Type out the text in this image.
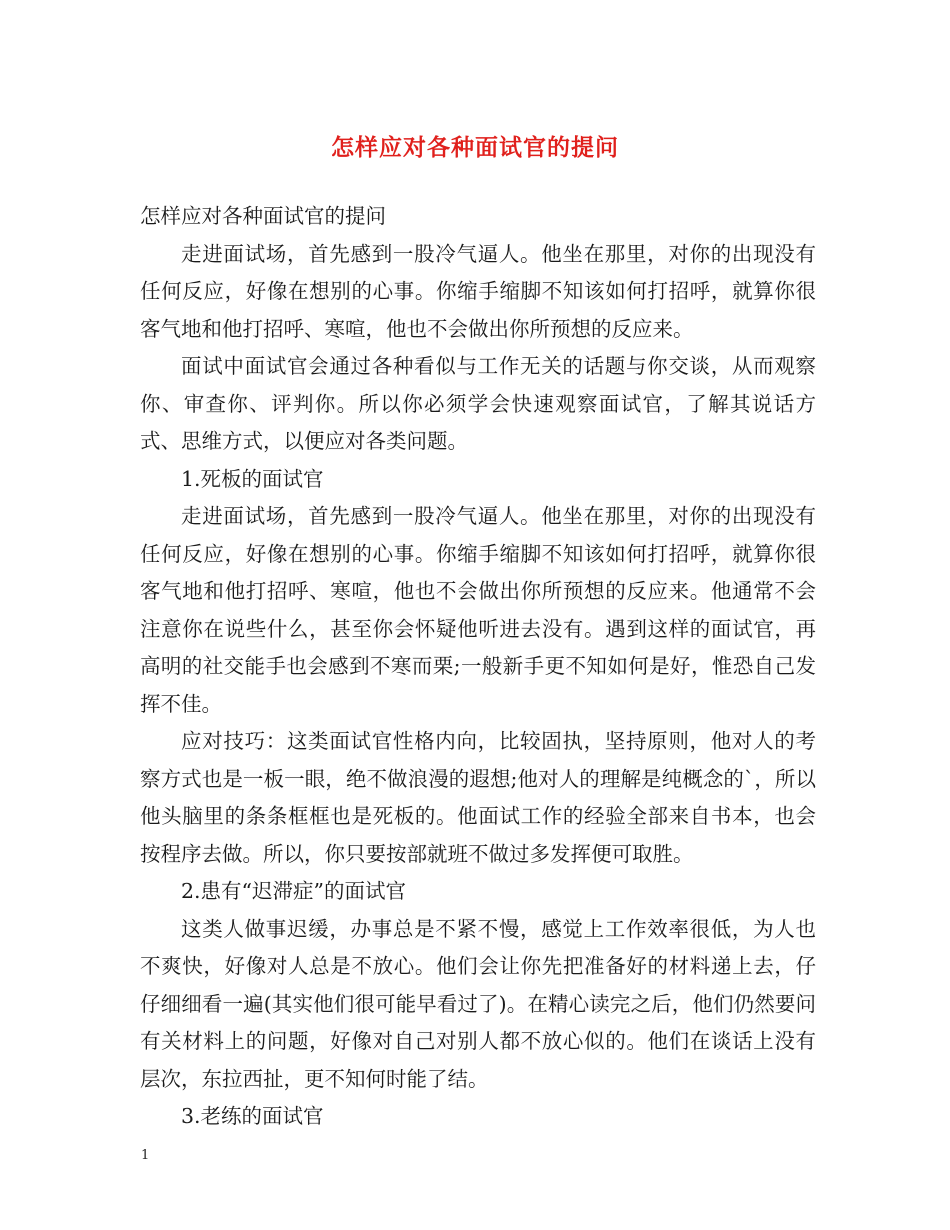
怎样应对各种面试官的提问

怎样应对各种面试官的提问

走进面试场，首先感到一股冷气逼人。他坐在那里，对你的出现没有任何反应，好像在想别的心事。你缩手缩脚不知该如何打招呼，就算你很客气地和他打招呼、寒喧，他也不会做出你所预想的反应来。

面试中面试官会通过各种看似与工作无关的话题与你交谈，从而观察你、审查你、评判你。所以你必须学会快速观察面试官，了解其说话方式、思维方式，以便应对各类问题。

1.死板的面试官

走进面试场，首先感到一股冷气逼人。他坐在那里，对你的出现没有任何反应，好像在想别的心事。你缩手缩脚不知该如何打招呼，就算你很客气地和他打招呼、寒喧，他也不会做出你所预想的反应来。他通常不会注意你在说些什么，甚至你会怀疑他听进去没有。遇到这样的面试官，再高明的社交能手也会感到不寒而栗;一般新手更不知如何是好，惟恐自己发挥不佳。

应对技巧：这类面试官性格内向，比较固执，坚持原则，他对人的考察方式也是一板一眼，绝不做浪漫的遐想;他对人的理解是纯概念的`，所以他头脑里的条条框框也是死板的。他面试工作的经验全部来自书本，也会按程序去做。所以，你只要按部就班不做过多发挥便可取胜。

2.患有“迟滞症”的面试官

这类人做事迟缓，办事总是不紧不慢，感觉上工作效率很低，为人也不爽快，好像对人总是不放心。他们会让你先把准备好的材料递上去，仔仔细细看一遍(其实他们很可能早看过了)。在精心读完之后，他们仍然要问有关材料上的问题，好像对自己对别人都不放心似的。他们在谈话上没有层次，东拉西扯，更不知何时能了结。

3.老练的面试官

1
